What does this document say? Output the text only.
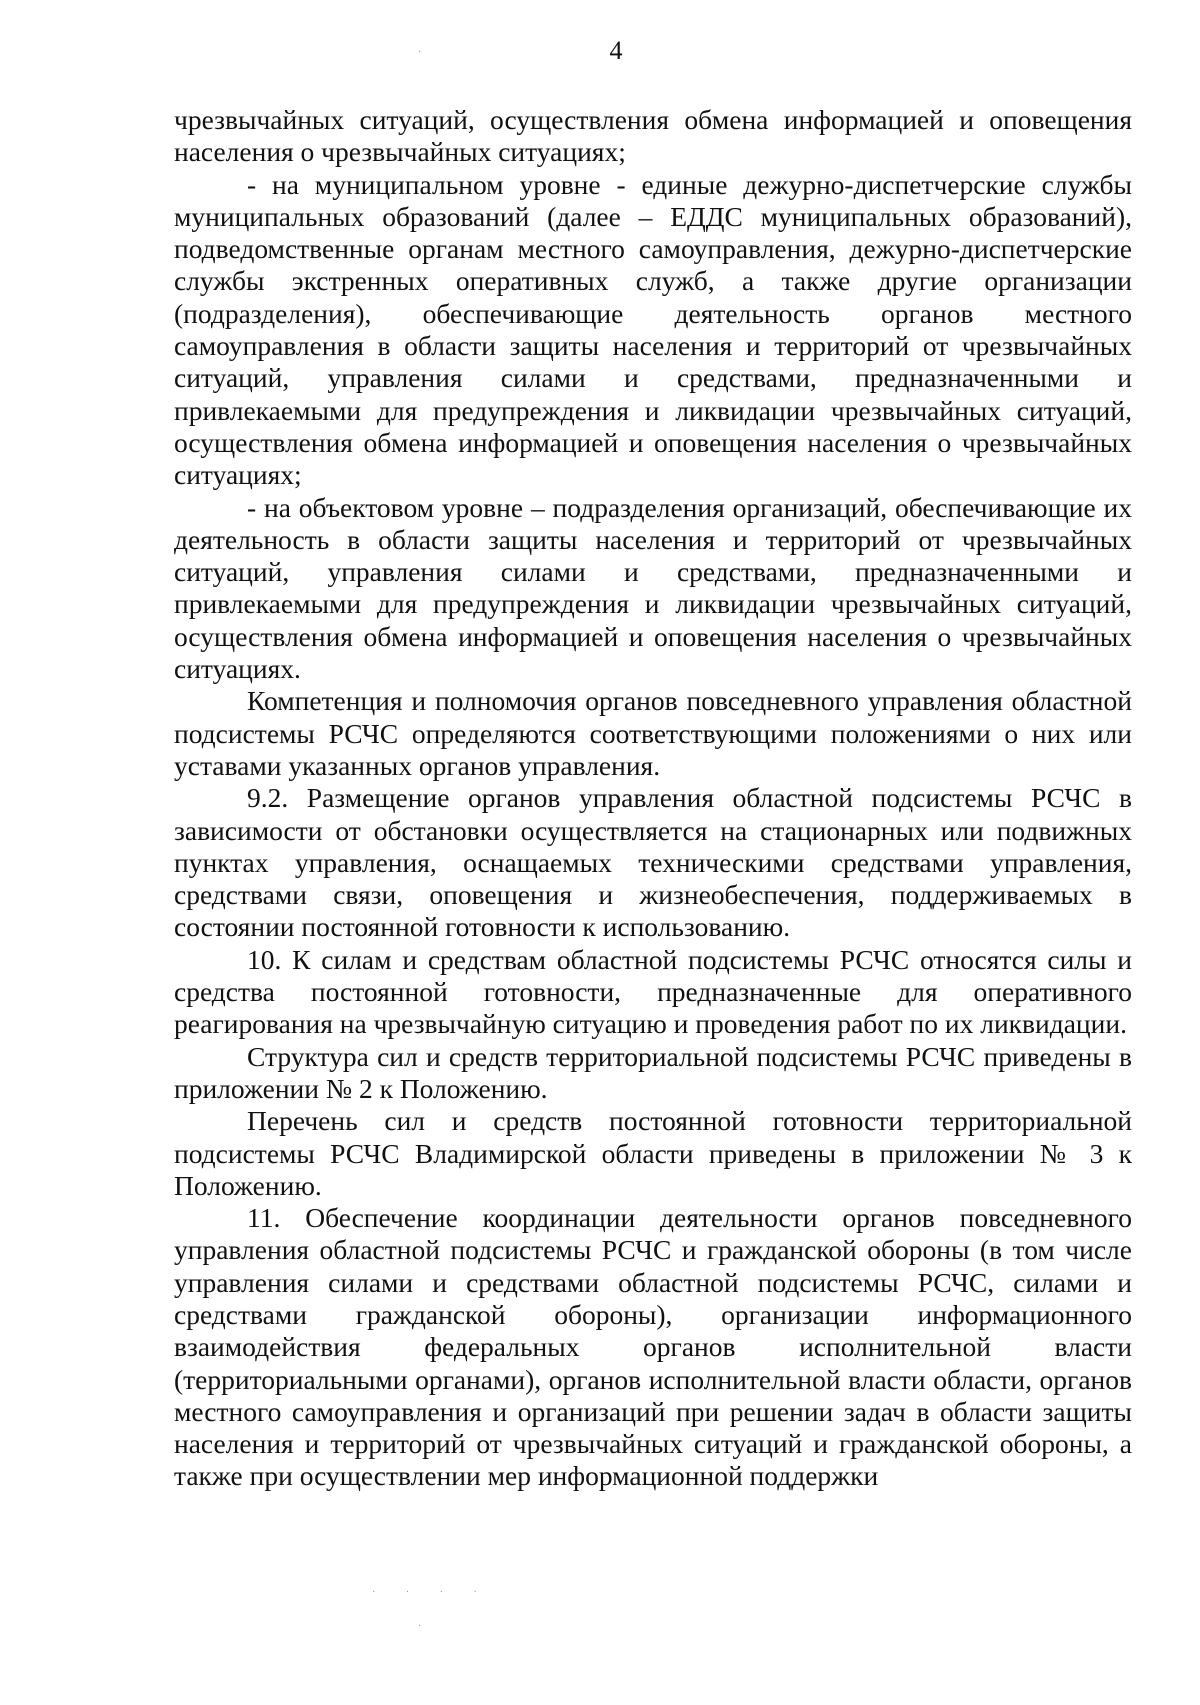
4
·
· · · ·
·

чрезвычайных ситуаций, осуществления обмена информацией и оповещения населения о чрезвычайных ситуациях;

- на муниципальном уровне - единые дежурно-диспетчерские службы муниципальных образований (далее – ЕДДС муниципальных образований), подведомственные органам местного самоуправления, дежурно-диспетчерские службы экстренных оперативных служб, а также другие организации (подразделения), обеспечивающие деятельность органов местного самоуправления в области защиты населения и территорий от чрезвычайных ситуаций, управления силами и средствами, предназначенными и привлекаемыми для предупреждения и ликвидации чрезвычайных ситуаций, осуществления обмена информацией и оповещения населения о чрезвычайных ситуациях;

- на объектовом уровне – подразделения организаций, обеспечивающие их деятельность в области защиты населения и территорий от чрезвычайных ситуаций, управления силами и средствами, предназначенными и привлекаемыми для предупреждения и ликвидации чрезвычайных ситуаций, осуществления обмена информацией и оповещения населения о чрезвычайных ситуациях.

Компетенция и полномочия органов повседневного управления областной подсистемы РСЧС определяются соответствующими положениями о них или уставами указанных органов управления.

9.2. Размещение органов управления областной подсистемы РСЧС в зависимости от обстановки осуществляется на стационарных или подвижных пунктах управления, оснащаемых техническими средствами управления, средствами связи, оповещения и жизнеобеспечения, поддерживаемых в состоянии постоянной готовности к использованию.

10. К силам и средствам областной подсистемы РСЧС относятся силы и средства постоянной готовности, предназначенные для оперативного реагирования на чрезвычайную ситуацию и проведения работ по их ликвидации.

Структура сил и средств территориальной подсистемы РСЧС приведены в приложении № 2 к Положению.

Перечень сил и средств постоянной готовности территориальной подсистемы РСЧС Владимирской области приведены в приложении № 3 к Положению.

11. Обеспечение координации деятельности органов повседневного управления областной подсистемы РСЧС и гражданской обороны (в том числе управления силами и средствами областной подсистемы РСЧС, силами и средствами гражданской обороны), организации информационного взаимодействия федеральных органов исполнительной власти (территориальными органами), органов исполнительной власти области, органов местного самоуправления и организаций при решении задач в области защиты населения и территорий от чрезвычайных ситуаций и гражданской обороны, а также при осуществлении мер информационной поддержки
